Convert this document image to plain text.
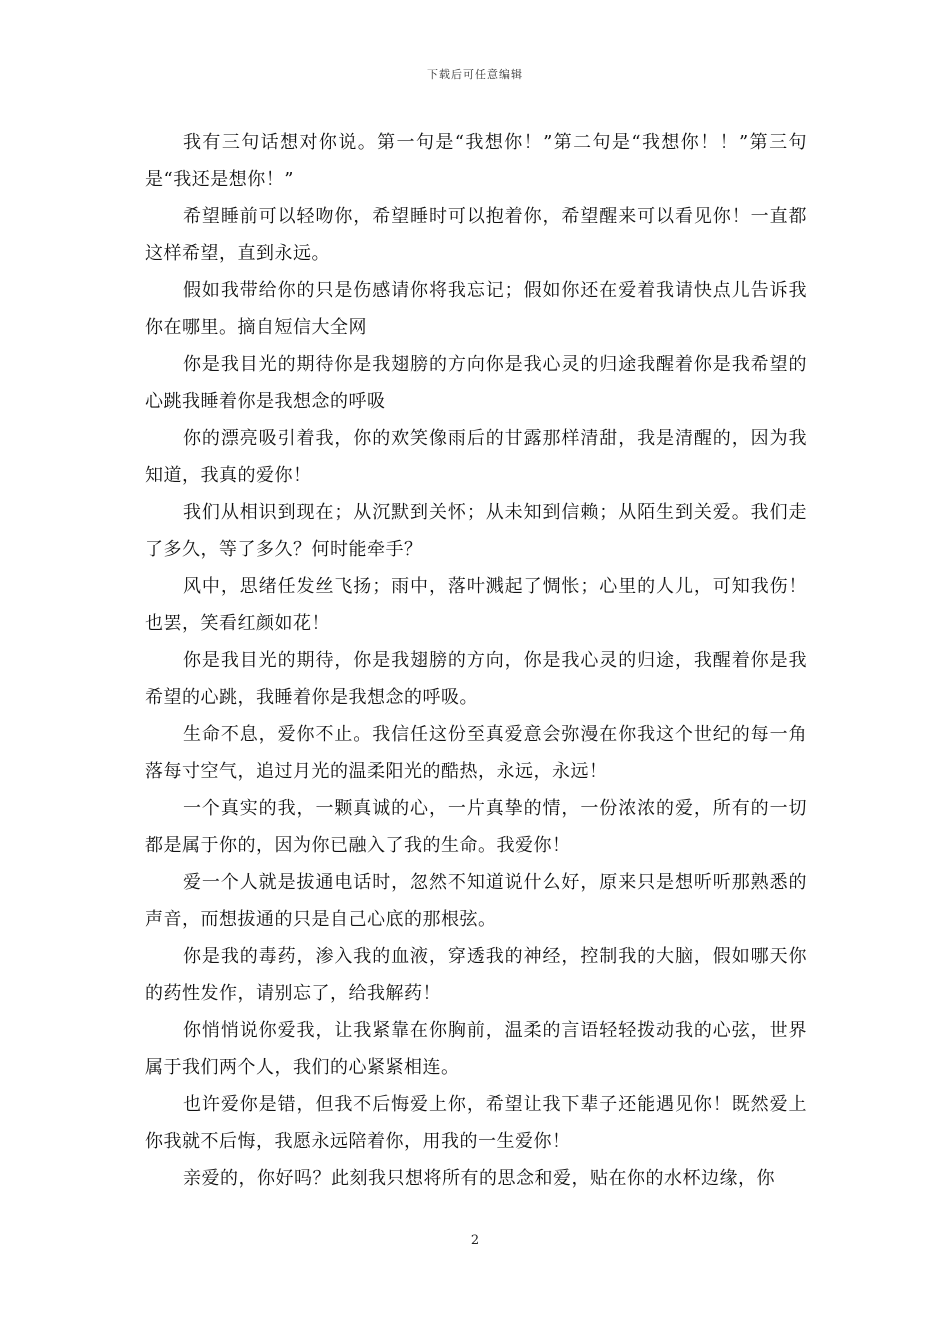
下载后可任意编辑

我有三句话想对你说。第一句是“我想你！”第二句是“我想你！！”第三句是“我还是想你！”

希望睡前可以轻吻你，希望睡时可以抱着你，希望醒来可以看见你！一直都这样希望，直到永远。

假如我带给你的只是伤感请你将我忘记；假如你还在爱着我请快点儿告诉我你在哪里。摘自短信大全网

你是我目光的期待你是我翅膀的方向你是我心灵的归途我醒着你是我希望的心跳我睡着你是我想念的呼吸

你的漂亮吸引着我，你的欢笑像雨后的甘露那样清甜，我是清醒的，因为我知道，我真的爱你！

我们从相识到现在；从沉默到关怀；从未知到信赖；从陌生到关爱。我们走了多久，等了多久？何时能牵手？

风中，思绪任发丝飞扬；雨中，落叶溅起了惆怅；心里的人儿，可知我伤！也罢，笑看红颜如花！

你是我目光的期待，你是我翅膀的方向，你是我心灵的归途，我醒着你是我希望的心跳，我睡着你是我想念的呼吸。

生命不息，爱你不止。我信任这份至真爱意会弥漫在你我这个世纪的每一角落每寸空气，追过月光的温柔阳光的酷热，永远，永远！

一个真实的我，一颗真诚的心，一片真挚的情，一份浓浓的爱，所有的一切都是属于你的，因为你已融入了我的生命。我爱你！

爱一个人就是拔通电话时，忽然不知道说什么好，原来只是想听听那熟悉的声音，而想拔通的只是自己心底的那根弦。

你是我的毒药，渗入我的血液，穿透我的神经，控制我的大脑，假如哪天你的药性发作，请别忘了，给我解药！

你悄悄说你爱我，让我紧靠在你胸前，温柔的言语轻轻拨动我的心弦，世界属于我们两个人，我们的心紧紧相连。

也许爱你是错，但我不后悔爱上你，希望让我下辈子还能遇见你！既然爱上你我就不后悔，我愿永远陪着你，用我的一生爱你！

亲爱的，你好吗？此刻我只想将所有的思念和爱，贴在你的水杯边缘，你

2
